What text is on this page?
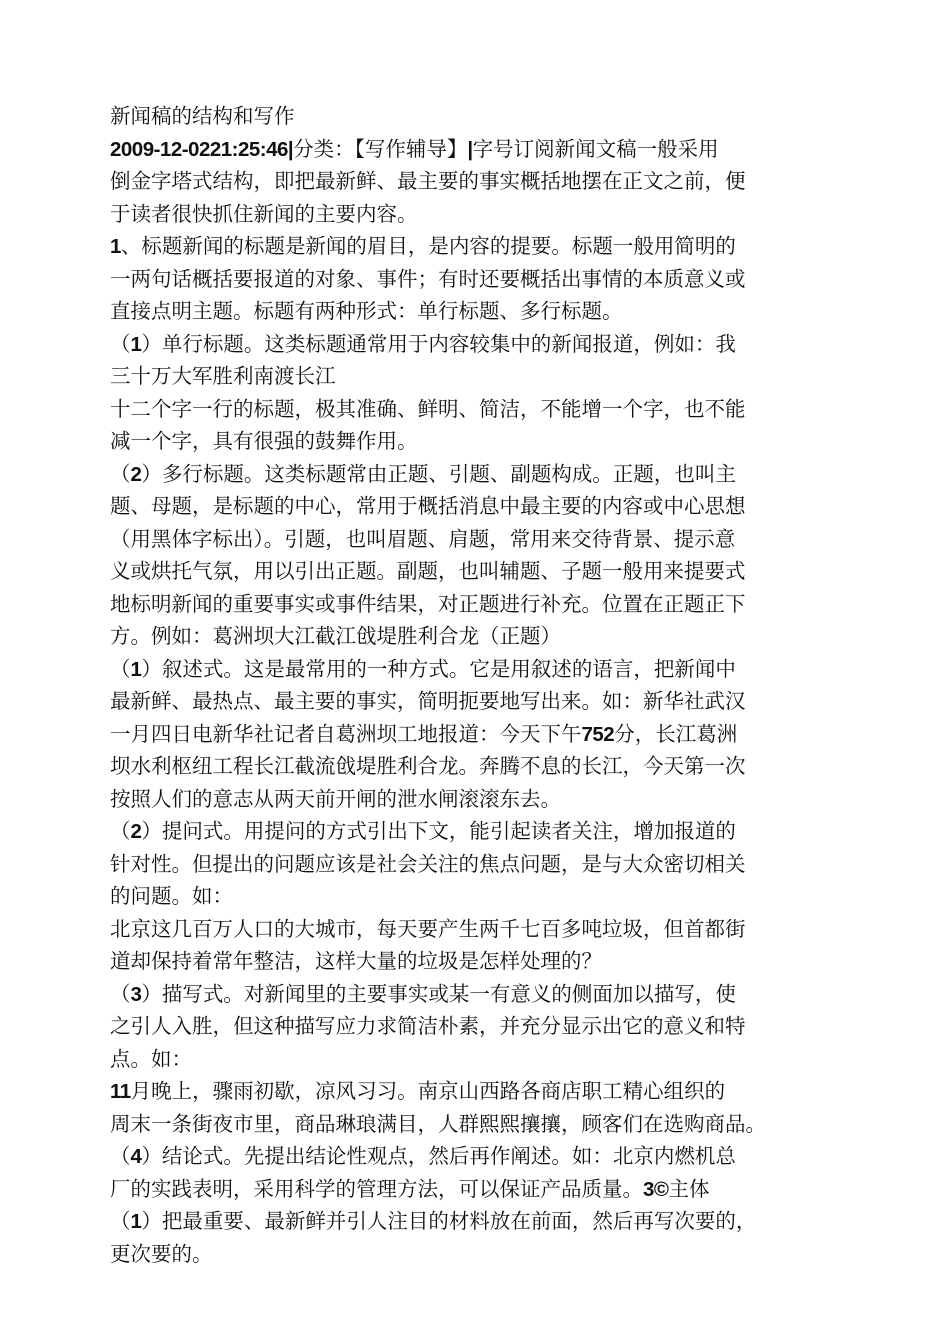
新闻稿的结构和写作
2009-12-0221:25:46|分类：【写作辅导】|字号订阅新闻文稿一般采用
倒金字塔式结构，即把最新鲜、最主要的事实概括地摆在正文之前，便
于读者很快抓住新闻的主要内容。
1、标题新闻的标题是新闻的眉目，是内容的提要。标题一般用简明的
一两句话概括要报道的对象、事件；有时还要概括出事情的本质意义或
直接点明主题。标题有两种形式：单行标题、多行标题。
（1）单行标题。这类标题通常用于内容较集中的新闻报道，例如：我
三十万大军胜利南渡长江
十二个字一行的标题，极其准确、鲜明、简洁，不能增一个字，也不能
减一个字，具有很强的鼓舞作用。
（2）多行标题。这类标题常由正题、引题、副题构成。正题，也叫主
题、母题，是标题的中心，常用于概括消息中最主要的内容或中心思想
（用黑体字标出）。引题，也叫眉题、肩题，常用来交待背景、提示意
义或烘托气氛，用以引出正题。副题，也叫辅题、子题一般用来提要式
地标明新闻的重要事实或事件结果，对正题进行补充。位置在正题正下
方。例如：葛洲坝大江截江戗堤胜利合龙（正题）
（1）叙述式。这是最常用的一种方式。它是用叙述的语言，把新闻中
最新鲜、最热点、最主要的事实，简明扼要地写出来。如：新华社武汉
一月四日电新华社记者自葛洲坝工地报道：今天下午752分，长江葛洲
坝水利枢纽工程长江截流戗堤胜利合龙。奔腾不息的长江，今天第一次
按照人们的意志从两天前开闸的泄水闸滚滚东去。
（2）提问式。用提问的方式引出下文，能引起读者关注，增加报道的
针对性。但提出的问题应该是社会关注的焦点问题，是与大众密切相关
的问题。如：
北京这几百万人口的大城市，每天要产生两千七百多吨垃圾，但首都街
道却保持着常年整洁，这样大量的垃圾是怎样处理的？
（3）描写式。对新闻里的主要事实或某一有意义的侧面加以描写，使
之引人入胜，但这种描写应力求简洁朴素，并充分显示出它的意义和特
点。如：
11月晚上，骤雨初歇，凉风习习。南京山西路各商店职工精心组织的
周末一条街夜市里，商品琳琅满目，人群熙熙攘攘，顾客们在选购商品。
（4）结论式。先提出结论性观点，然后再作阐述。如：北京内燃机总
厂的实践表明，采用科学的管理方法，可以保证产品质量。3©主体
（1）把最重要、最新鲜并引人注目的材料放在前面，然后再写次要的，
更次要的。
